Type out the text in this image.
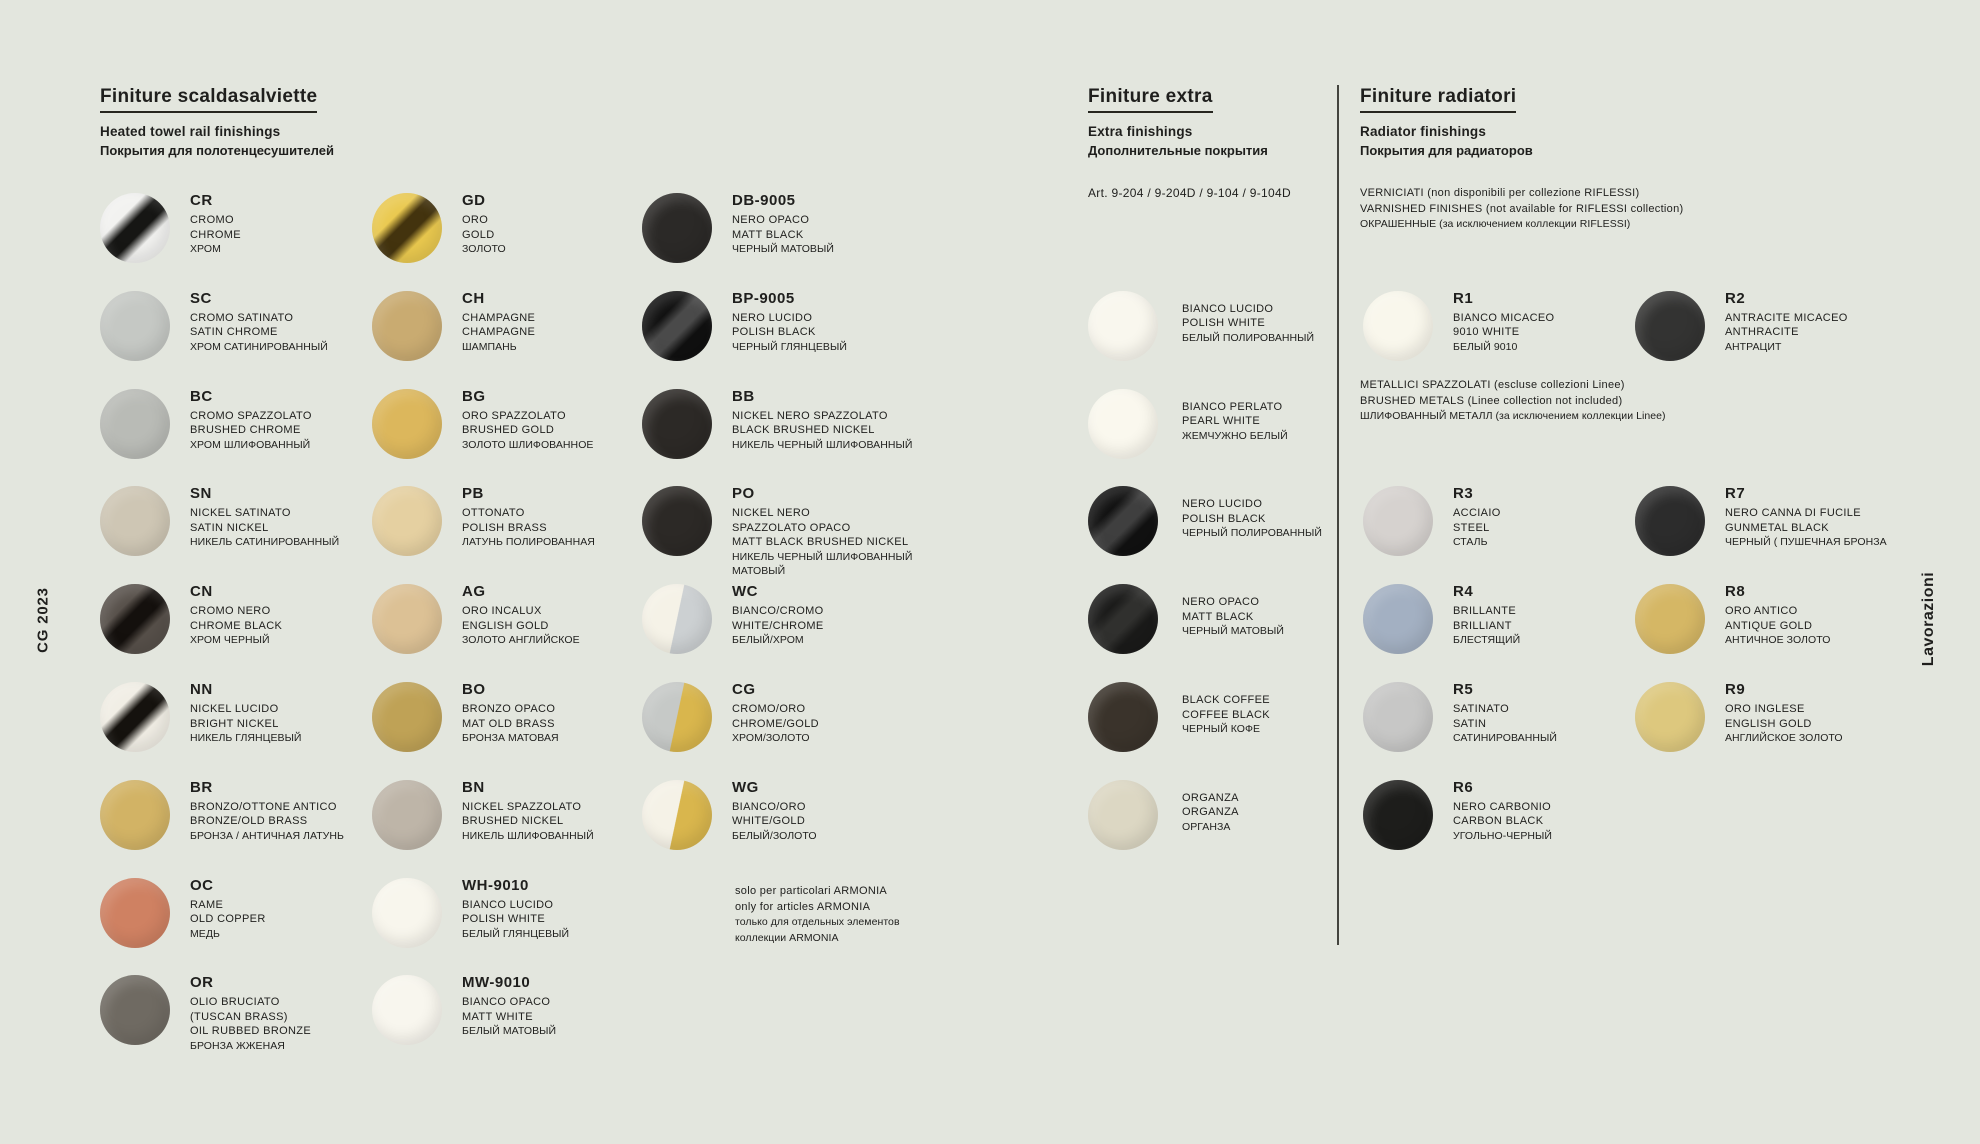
CG 2023	Lavorazioni
Finiture scaldasalviette
Heated towel rail finishings
Покрытия для полотенцесушителей
Finiture extra
Extra finishings
Дополнительные покрытия
Art. 9-204 / 9-204D / 9-104 / 9-104D
Finiture radiatori
Radiator finishings
Покрытия для радиаторов
VERNICIATI (non disponibili per collezione RIFLESSI)
VARNISHED FINISHES (not available for RIFLESSI collection)
ОКРАШЕННЫЕ (за исключением коллекции RIFLESSI)
METALLICI SPAZZOLATI (escluse collezioni Linee)
BRUSHED METALS (Linee collection not included)
ШЛИФОВАННЫЙ МЕТАЛЛ (за исключением коллекции Linee)
solo per particolari ARMONIA
only for articles ARMONIA
только для отдельных элементов
коллекции ARMONIA
CR
CROMO
CHROME
ХРОМ
SC
CROMO SATINATO
SATIN CHROME
ХРОМ САТИНИРОВАННЫЙ
BC
CROMO SPAZZOLATO
BRUSHED CHROME
ХРОМ ШЛИФОВАННЫЙ
SN
NICKEL SATINATO
SATIN NICKEL
НИКЕЛЬ САТИНИРОВАННЫЙ
CN
CROMO NERO
CHROME BLACK
ХРОМ ЧЕРНЫЙ
NN
NICKEL LUCIDO
BRIGHT NICKEL
НИКЕЛЬ ГЛЯНЦЕВЫЙ
BR
BRONZO/OTTONE ANTICO
BRONZE/OLD BRASS
БРОНЗА / АНТИЧНАЯ ЛАТУНЬ
OC
RAME
OLD COPPER
МЕДЬ
OR
OLIO BRUCIATO
(TUSCAN BRASS)
OIL RUBBED BRONZE
БРОНЗА ЖЖЕНАЯ
GD
ORO
GOLD
ЗОЛОТО
CH
CHAMPAGNE
CHAMPAGNE
ШАМПАНЬ
BG
ORO SPAZZOLATO
BRUSHED GOLD
ЗОЛОТО ШЛИФОВАННОЕ
PB
OTTONATO
POLISH BRASS
ЛАТУНЬ ПОЛИРОВАННАЯ
AG
ORO INCALUX
ENGLISH GOLD
ЗОЛОТО АНГЛИЙСКОЕ
BO
BRONZO OPACO
MAT OLD BRASS
БРОНЗА МАТОВАЯ
BN
NICKEL SPAZZOLATO
BRUSHED NICKEL
НИКЕЛЬ ШЛИФОВАННЫЙ
WH-9010
BIANCO LUCIDO
POLISH WHITE
БЕЛЫЙ ГЛЯНЦЕВЫЙ
MW-9010
BIANCO OPACO
MATT WHITE
БЕЛЫЙ МАТОВЫЙ
DB-9005
NERO OPACO
MATT BLACK
ЧЕРНЫЙ МАТОВЫЙ
BP-9005
NERO LUCIDO
POLISH BLACK
ЧЕРНЫЙ ГЛЯНЦЕВЫЙ
BB
NICKEL NERO SPAZZOLATO
BLACK BRUSHED NICKEL
НИКЕЛЬ ЧЕРНЫЙ ШЛИФОВАННЫЙ
PO
NICKEL NERO
SPAZZOLATO OPACO
MATT BLACK BRUSHED NICKEL
НИКЕЛЬ ЧЕРНЫЙ ШЛИФОВАННЫЙ
МАТОВЫЙ
WC
BIANCO/CROMO
WHITE/CHROME
БЕЛЫЙ/ХРОМ
CG
CROMO/ORO
CHROME/GOLD
ХРОМ/ЗОЛОТО
WG
BIANCO/ORO
WHITE/GOLD
БЕЛЫЙ/ЗОЛОТО
BIANCO LUCIDO
POLISH WHITE
БЕЛЫЙ ПОЛИРОВАННЫЙ
BIANCO PERLATO
PEARL WHITE
ЖЕМЧУЖНО БЕЛЫЙ
NERO LUCIDO
POLISH BLACK
ЧЕРНЫЙ ПОЛИРОВАННЫЙ
NERO OPACO
MATT BLACK
ЧЕРНЫЙ МАТОВЫЙ
BLACK COFFEE
COFFEE BLACK
ЧЕРНЫЙ КОФЕ
ORGANZA
ORGANZA
ОРГАНЗА
R1
BIANCO MICACEO
9010 WHITE
БЕЛЫЙ 9010
R2
ANTRACITE MICACEO
ANTHRACITE
АНТРАЦИТ
R3
ACCIAIO
STEEL
СТАЛЬ
R7
NERO CANNA DI FUCILE
GUNMETAL BLACK
ЧЕРНЫЙ ( ПУШЕЧНАЯ БРОНЗА
R4
BRILLANTE
BRILLIANT
БЛЕСТЯЩИЙ
R8
ORO ANTICO
ANTIQUE GOLD
АНТИЧНОЕ ЗОЛОТО
R5
SATINATO
SATIN
САТИНИРОВАННЫЙ
R9
ORO INGLESE
ENGLISH GOLD
АНГЛИЙСКОЕ ЗОЛОТО
R6
NERO CARBONIO
CARBON BLACK
УГОЛЬНО-ЧЕРНЫЙ
